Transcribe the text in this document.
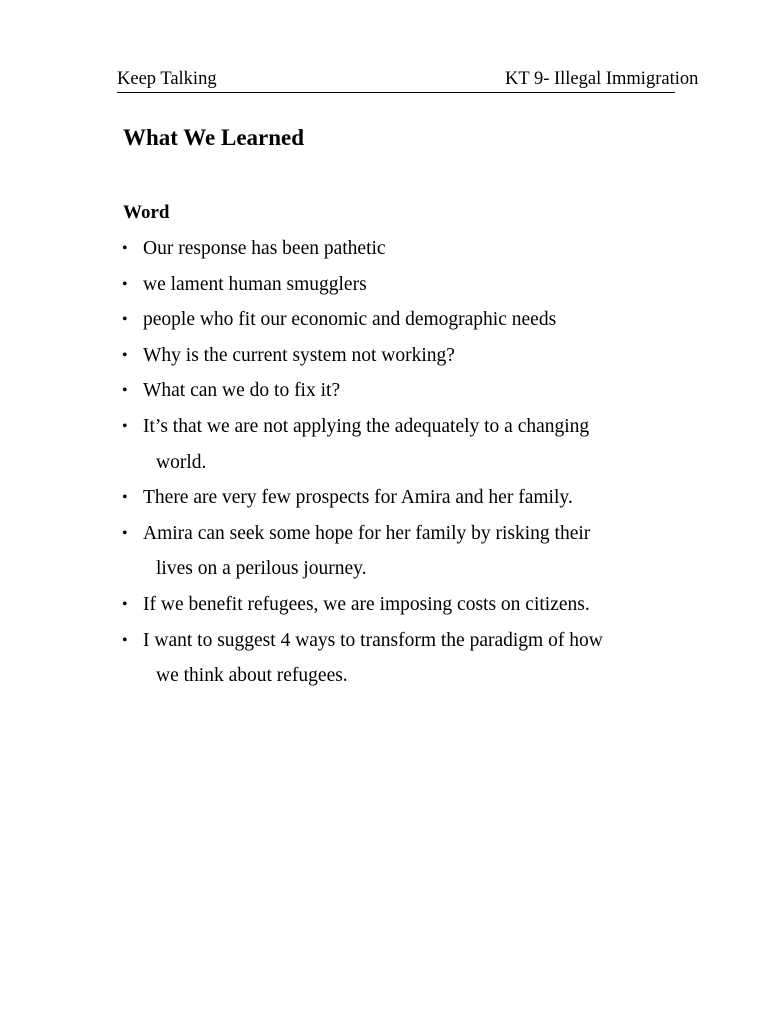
Keep Talking	KT 9- Illegal Immigration
What We Learned
Word
• Our response has been pathetic
• we lament human smugglers
• people who fit our economic and demographic needs
• Why is the current system not working?
• What can we do to fix it?
• It’s that we are not applying the adequately to a changing
world.
• There are very few prospects for Amira and her family.
• Amira can seek some hope for her family by risking their
lives on a perilous journey.
• If we benefit refugees, we are imposing costs on citizens.
• I want to suggest 4 ways to transform the paradigm of how
we think about refugees.
